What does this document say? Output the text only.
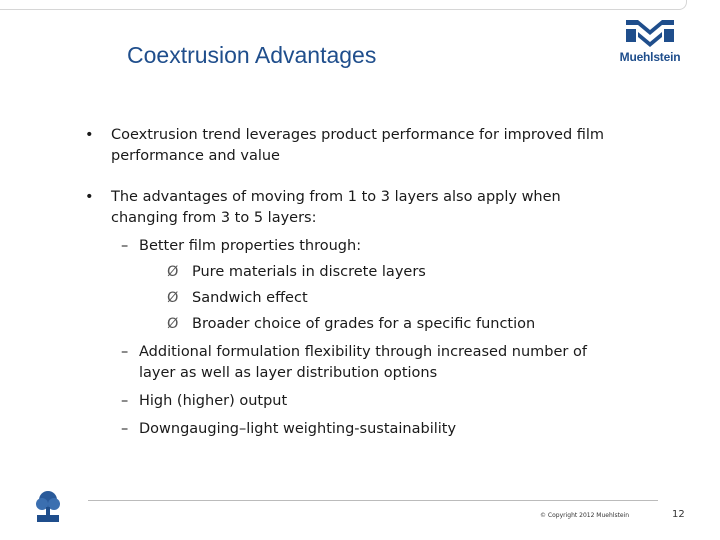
Coextrusion Advantages	Muehlstein
• Coextrusion trend leverages product performance for improved film performance and value
• The advantages of moving from 1 to 3 layers also apply when changing from 3 to 5 layers:
– Better film properties through:
Ø Pure materials in discrete layers
Ø Sandwich effect
Ø Broader choice of grades for a specific function
– Additional formulation flexibility through increased number of layer as well as layer distribution options
– High (higher) output
– Downgauging–light weighting-sustainability
© Copyright 2012 Muehlstein	12
